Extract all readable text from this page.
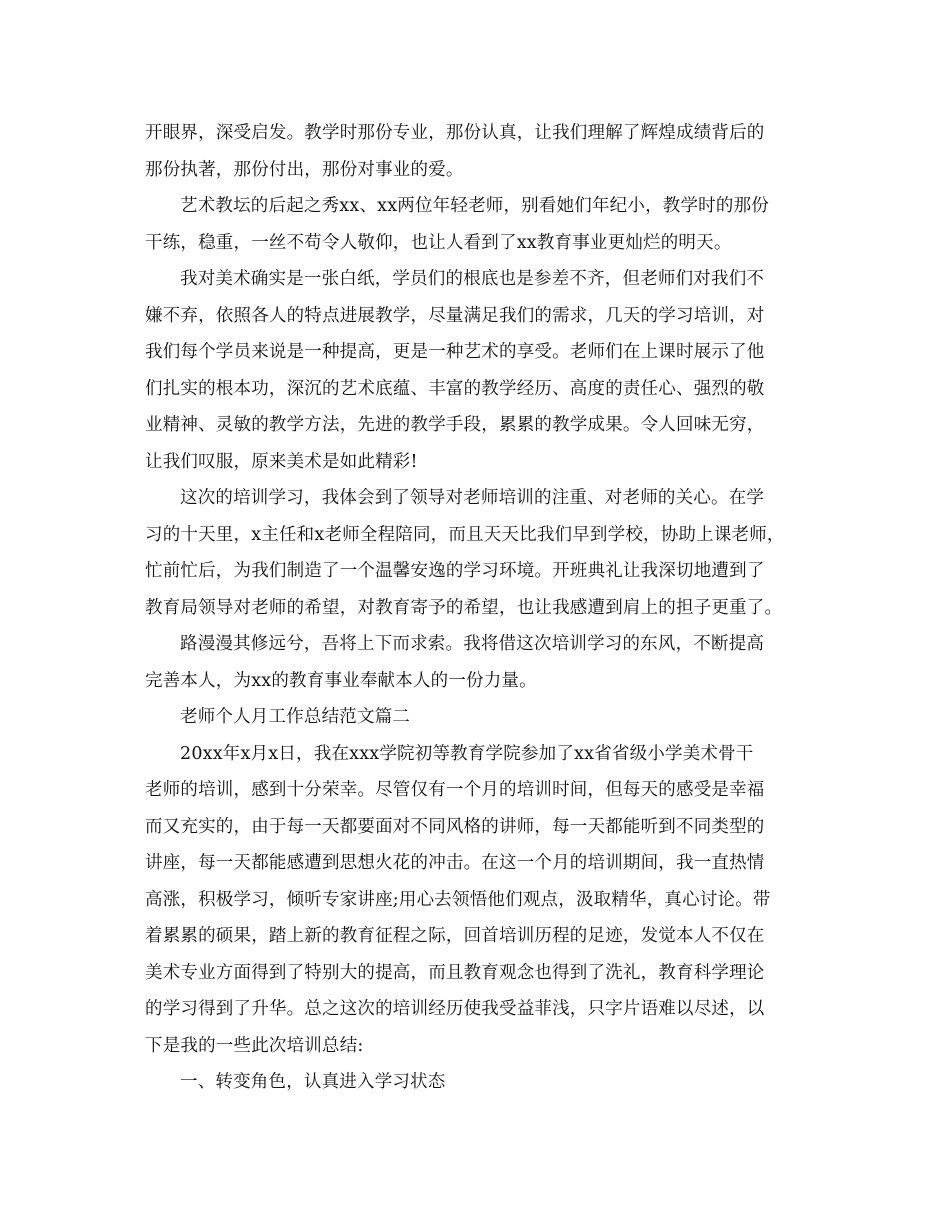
开眼界，深受启发。教学时那份专业，那份认真，让我们理解了辉煌成绩背后的
那份执著，那份付出，那份对事业的爱。
艺术教坛的后起之秀xx、xx两位年轻老师，别看她们年纪小，教学时的那份
干练，稳重，一丝不苟令人敬仰，也让人看到了xx教育事业更灿烂的明天。
我对美术确实是一张白纸，学员们的根底也是参差不齐，但老师们对我们不
嫌不弃，依照各人的特点进展教学，尽量满足我们的需求，几天的学习培训，对
我们每个学员来说是一种提高，更是一种艺术的享受。老师们在上课时展示了他
们扎实的根本功，深沉的艺术底蕴、丰富的教学经历、高度的责任心、强烈的敬
业精神、灵敏的教学方法，先进的教学手段，累累的教学成果。令人回味无穷，
让我们叹服，原来美术是如此精彩!
这次的培训学习，我体会到了领导对老师培训的注重、对老师的关心。在学
习的十天里，x主任和x老师全程陪同，而且天天比我们早到学校，协助上课老师，
忙前忙后，为我们制造了一个温馨安逸的学习环境。开班典礼让我深切地遭到了
教育局领导对老师的希望，对教育寄予的希望，也让我感遭到肩上的担子更重了。
路漫漫其修远兮，吾将上下而求索。我将借这次培训学习的东风，不断提高
完善本人，为xx的教育事业奉献本人的一份力量。
老师个人月工作总结范文篇二
20xx年x月x日，我在xxx学院初等教育学院参加了xx省省级小学美术骨干
老师的培训，感到十分荣幸。尽管仅有一个月的培训时间，但每天的感受是幸福
而又充实的，由于每一天都要面对不同风格的讲师，每一天都能听到不同类型的
讲座，每一天都能感遭到思想火花的冲击。在这一个月的培训期间，我一直热情
高涨，积极学习，倾听专家讲座;用心去领悟他们观点，汲取精华，真心讨论。带
着累累的硕果，踏上新的教育征程之际，回首培训历程的足迹，发觉本人不仅在
美术专业方面得到了特别大的提高，而且教育观念也得到了洗礼，教育科学理论
的学习得到了升华。总之这次的培训经历使我受益菲浅，只字片语难以尽述，以
下是我的一些此次培训总结:
一、转变角色，认真进入学习状态
